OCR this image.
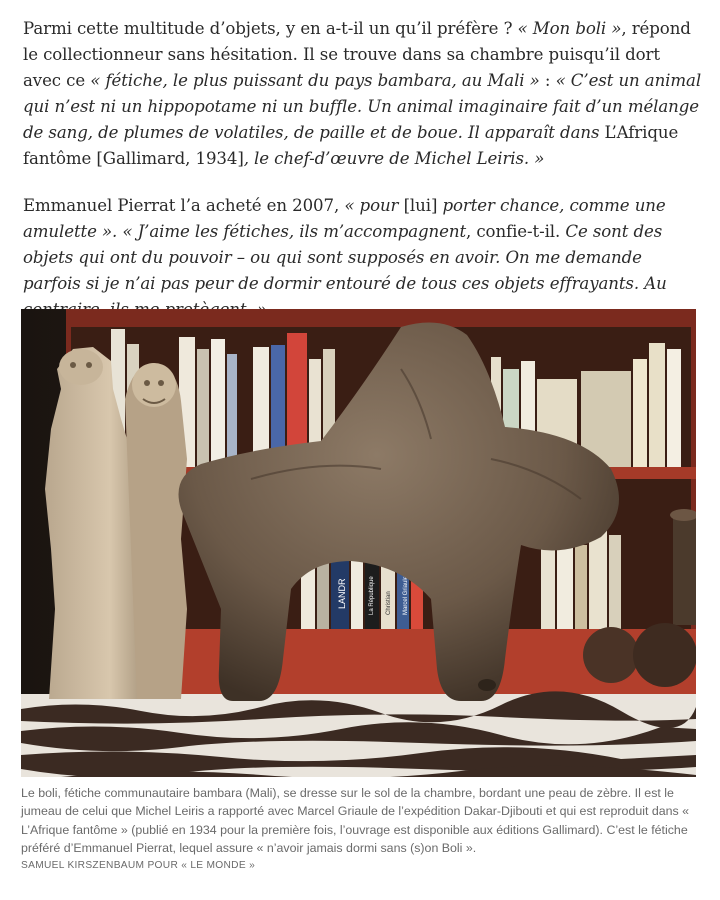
Parmi cette multitude d’objets, y en a-t-il un qu’il préfère ? « Mon boli », répond le collectionneur sans hésitation. Il se trouve dans sa chambre puisqu’il dort avec ce « fétiche, le plus puissant du pays bambara, au Mali » : « C’est un animal qui n’est ni un hippopotame ni un buffle. Un animal imaginaire fait d’un mélange de sang, de plumes de volatiles, de paille et de boue. Il apparaît dans L’Afrique fantôme [Gallimard, 1934], le chef-d’œuvre de Michel Leiris. »

Emmanuel Pierrat l’a acheté en 2007, « pour [lui] porter chance, comme une amulette ». « J’aime les fétiches, ils m’accompagnent, confie-t-il. Ce sont des objets qui ont du pouvoir – ou qui sont supposés en avoir. On me demande parfois si je n’ai pas peur de dormir entouré de tous ces objets effrayants. Au

LANDR	La République Christian Marcel Griaule

Le boli, fétiche communautaire bambara (Mali), se dresse sur le sol de la chambre, bordant une peau de zèbre. Il est le jumeau de celui que Michel Leiris a rapporté avec Marcel Griaule de l’expédition Dakar-Djibouti et qui est reproduit dans « L’Afrique fantôme » (publié en 1934 pour la première fois, l’ouvrage est disponible aux éditions Gallimard). C’est le fétiche préféré d’Emmanuel Pierrat, lequel assure « n’avoir jamais dormi sans (s)on Boli ».
SAMUEL KIRSZENBAUM POUR « LE MONDE »
